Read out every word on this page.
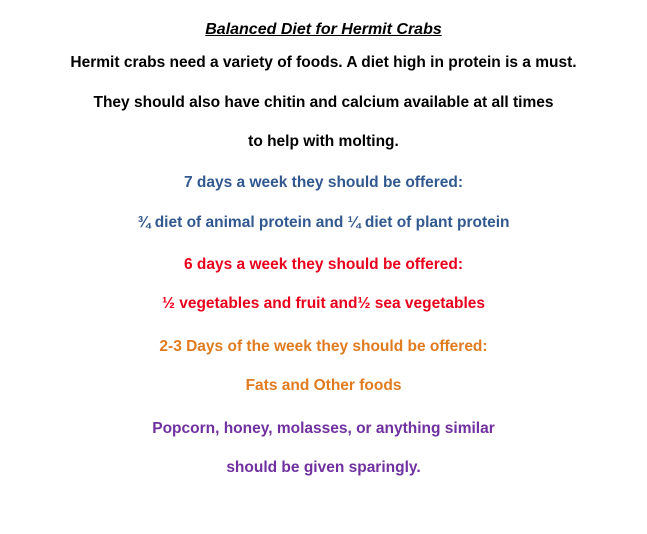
Balanced Diet for Hermit Crabs
Hermit crabs need a variety of foods. A diet high in protein is a must.
They should also have chitin and calcium available at all times
to help with molting.
7 days a week they should be offered:
¾ diet of animal protein and ¼ diet of plant protein
6 days a week they should be offered:
½ vegetables and fruit and½ sea vegetables
2-3 Days of the week they should be offered:
Fats and Other foods
Popcorn, honey, molasses, or anything similar
should be given sparingly.
